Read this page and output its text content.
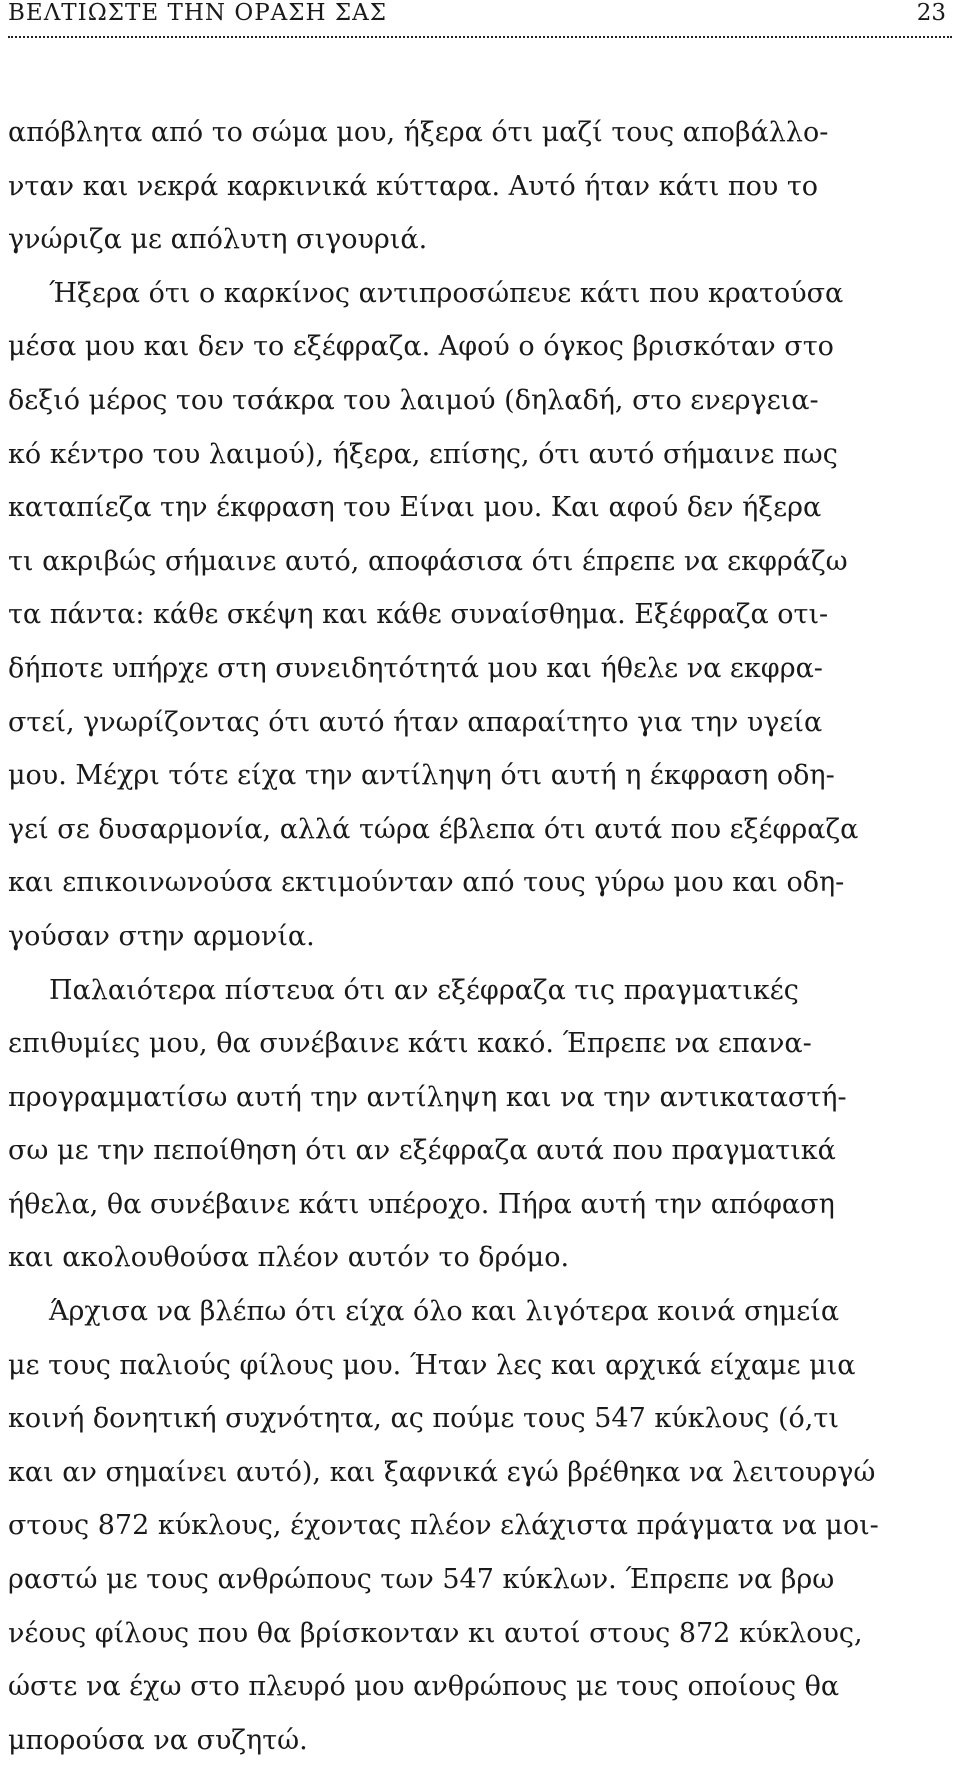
ΒΕΛΤΙΩΣΤΕ ΤΗΝ ΟΡΑΣΗ ΣΑΣ	23
απόβλητα από το σώμα μου, ήξερα ότι μαζί τους αποβάλλο-
νταν και νεκρά καρκινικά κύτταρα. Αυτό ήταν κάτι που το
γνώριζα με απόλυτη σιγουριά.
Ήξερα ότι ο καρκίνος αντιπροσώπευε κάτι που κρατούσα
μέσα μου και δεν το εξέφραζα. Αφού ο όγκος βρισκόταν στο
δεξιό μέρος του τσάκρα του λαιμού (δηλαδή, στο ενεργεια-
κό κέντρο του λαιμού), ήξερα, επίσης, ότι αυτό σήμαινε πως
καταπίεζα την έκφραση του Είναι μου. Και αφού δεν ήξερα
τι ακριβώς σήμαινε αυτό, αποφάσισα ότι έπρεπε να εκφράζω
τα πάντα: κάθε σκέψη και κάθε συναίσθημα. Εξέφραζα οτι-
δήποτε υπήρχε στη συνειδητότητά μου και ήθελε να εκφρα-
στεί, γνωρίζοντας ότι αυτό ήταν απαραίτητο για την υγεία
μου. Μέχρι τότε είχα την αντίληψη ότι αυτή η έκφραση οδη-
γεί σε δυσαρμονία, αλλά τώρα έβλεπα ότι αυτά που εξέφραζα
και επικοινωνούσα εκτιμούνταν από τους γύρω μου και οδη-
γούσαν στην αρμονία.
Παλαιότερα πίστευα ότι αν εξέφραζα τις πραγματικές
επιθυμίες μου, θα συνέβαινε κάτι κακό. Έπρεπε να επανα-
προγραμματίσω αυτή την αντίληψη και να την αντικαταστή-
σω με την πεποίθηση ότι αν εξέφραζα αυτά που πραγματικά
ήθελα, θα συνέβαινε κάτι υπέροχο. Πήρα αυτή την απόφαση
και ακολουθούσα πλέον αυτόν το δρόμο.
Άρχισα να βλέπω ότι είχα όλο και λιγότερα κοινά σημεία
με τους παλιούς φίλους μου. Ήταν λες και αρχικά είχαμε μια
κοινή δονητική συχνότητα, ας πούμε τους 547 κύκλους (ό,τι
και αν σημαίνει αυτό), και ξαφνικά εγώ βρέθηκα να λειτουργώ
στους 872 κύκλους, έχοντας πλέον ελάχιστα πράγματα να μοι-
ραστώ με τους ανθρώπους των 547 κύκλων. Έπρεπε να βρω
νέους φίλους που θα βρίσκονταν κι αυτοί στους 872 κύκλους,
ώστε να έχω στο πλευρό μου ανθρώπους με τους οποίους θα
μπορούσα να συζητώ.
